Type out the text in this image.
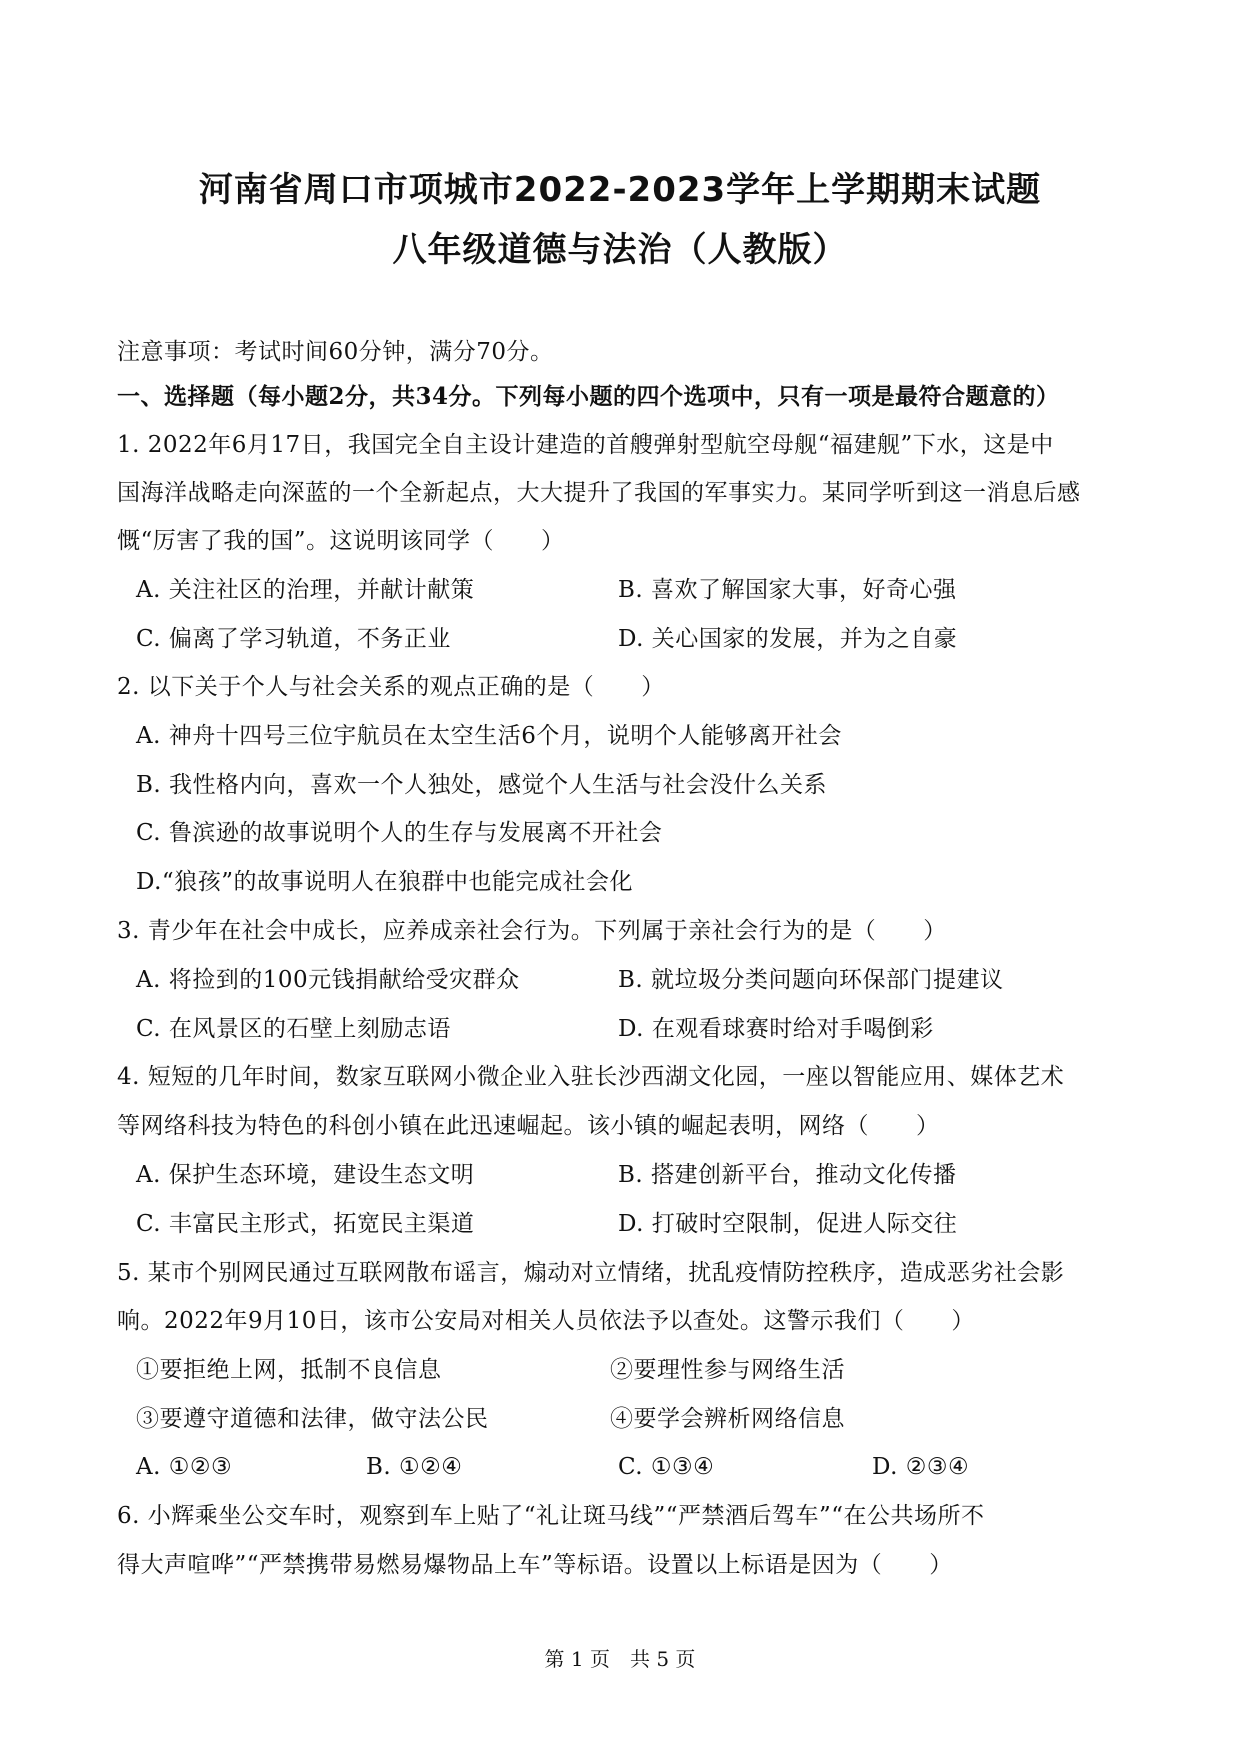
河南省周口市项城市2022-2023学年上学期期末试题
八年级道德与法治（人教版）
注意事项：考试时间60分钟，满分70分。
一、选择题（每小题2分，共34分。下列每小题的四个选项中，只有一项是最符合题意的）
1. 2022年6月17日，我国完全自主设计建造的首艘弹射型航空母舰“福建舰”下水，这是中
国海洋战略走向深蓝的一个全新起点，大大提升了我国的军事实力。某同学听到这一消息后感
慨“厉害了我的国”。这说明该同学（　　）
A. 关注社区的治理，并献计献策	B. 喜欢了解国家大事，好奇心强
C. 偏离了学习轨道，不务正业	D. 关心国家的发展，并为之自豪
2. 以下关于个人与社会关系的观点正确的是（　　）
A. 神舟十四号三位宇航员在太空生活6个月，说明个人能够离开社会
B. 我性格内向，喜欢一个人独处，感觉个人生活与社会没什么关系
C. 鲁滨逊的故事说明个人的生存与发展离不开社会
D.“狼孩”的故事说明人在狼群中也能完成社会化
3. 青少年在社会中成长，应养成亲社会行为。下列属于亲社会行为的是（　　）
A. 将捡到的100元钱捐献给受灾群众	B. 就垃圾分类问题向环保部门提建议
C. 在风景区的石壁上刻励志语	D. 在观看球赛时给对手喝倒彩
4. 短短的几年时间，数家互联网小微企业入驻长沙西湖文化园，一座以智能应用、媒体艺术
等网络科技为特色的科创小镇在此迅速崛起。该小镇的崛起表明，网络（　　）
A. 保护生态环境，建设生态文明	B. 搭建创新平台，推动文化传播
C. 丰富民主形式，拓宽民主渠道	D. 打破时空限制，促进人际交往
5. 某市个别网民通过互联网散布谣言，煽动对立情绪，扰乱疫情防控秩序，造成恶劣社会影
响。2022年9月10日，该市公安局对相关人员依法予以查处。这警示我们（　　）
①要拒绝上网，抵制不良信息	②要理性参与网络生活
③要遵守道德和法律，做守法公民	④要学会辨析网络信息
A. ①②③	B. ①②④	C. ①③④	D. ②③④
6. 小辉乘坐公交车时，观察到车上贴了“礼让斑马线”“严禁酒后驾车”“在公共场所不
得大声喧哗”“严禁携带易燃易爆物品上车”等标语。设置以上标语是因为（　　）
第 1 页　共 5 页
